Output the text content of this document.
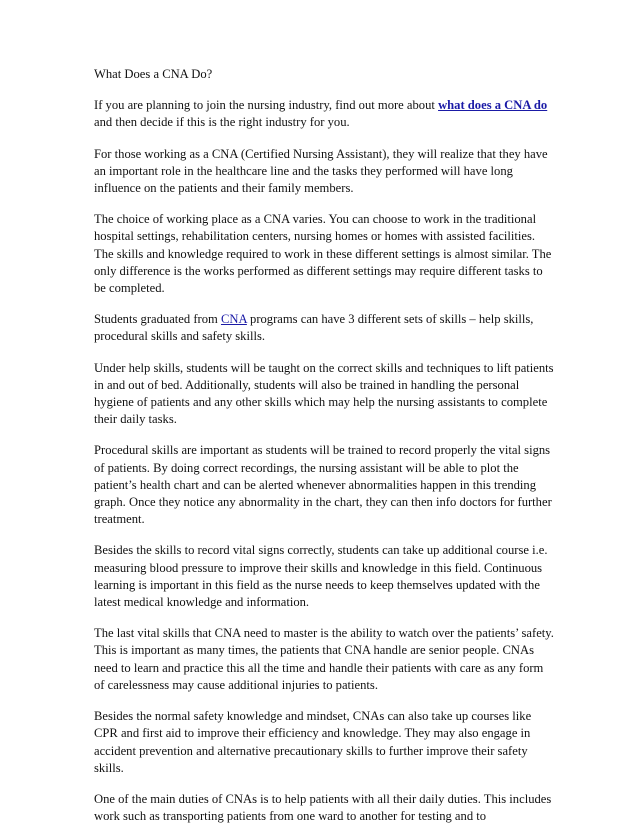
What Does a CNA Do?

If you are planning to join the nursing industry, find out more about what does a CNA do and then decide if this is the right industry for you.

For those working as a CNA (Certified Nursing Assistant), they will realize that they have an important role in the healthcare line and the tasks they performed will have long influence on the patients and their family members.

The choice of working place as a CNA varies. You can choose to work in the traditional hospital settings, rehabilitation centers, nursing homes or homes with assisted facilities. The skills and knowledge required to work in these different settings is almost similar. The only difference is the works performed as different settings may require different tasks to be completed.

Students graduated from CNA programs can have 3 different sets of skills – help skills, procedural skills and safety skills.

Under help skills, students will be taught on the correct skills and techniques to lift patients in and out of bed. Additionally, students will also be trained in handling the personal hygiene of patients and any other skills which may help the nursing assistants to complete their daily tasks.

Procedural skills are important as students will be trained to record properly the vital signs of patients. By doing correct recordings, the nursing assistant will be able to plot the patient’s health chart and can be alerted whenever abnormalities happen in this trending graph. Once they notice any abnormality in the chart, they can then info doctors for further treatment.

Besides the skills to record vital signs correctly, students can take up additional course i.e. measuring blood pressure to improve their skills and knowledge in this field. Continuous learning is important in this field as the nurse needs to keep themselves updated with the latest medical knowledge and information.

The last vital skills that CNA need to master is the ability to watch over the patients’ safety. This is important as many times, the patients that CNA handle are senior people. CNAs need to learn and practice this all the time and handle their patients with care as any form of carelessness may cause additional injuries to patients.

Besides the normal safety knowledge and mindset, CNAs can also take up courses like CPR and first aid to improve their efficiency and knowledge. They may also engage in accident prevention and alternative precautionary skills to further improve their safety skills.

One of the main duties of CNAs is to help patients with all their daily duties. This includes work such as transporting patients from one ward to another for testing and to
